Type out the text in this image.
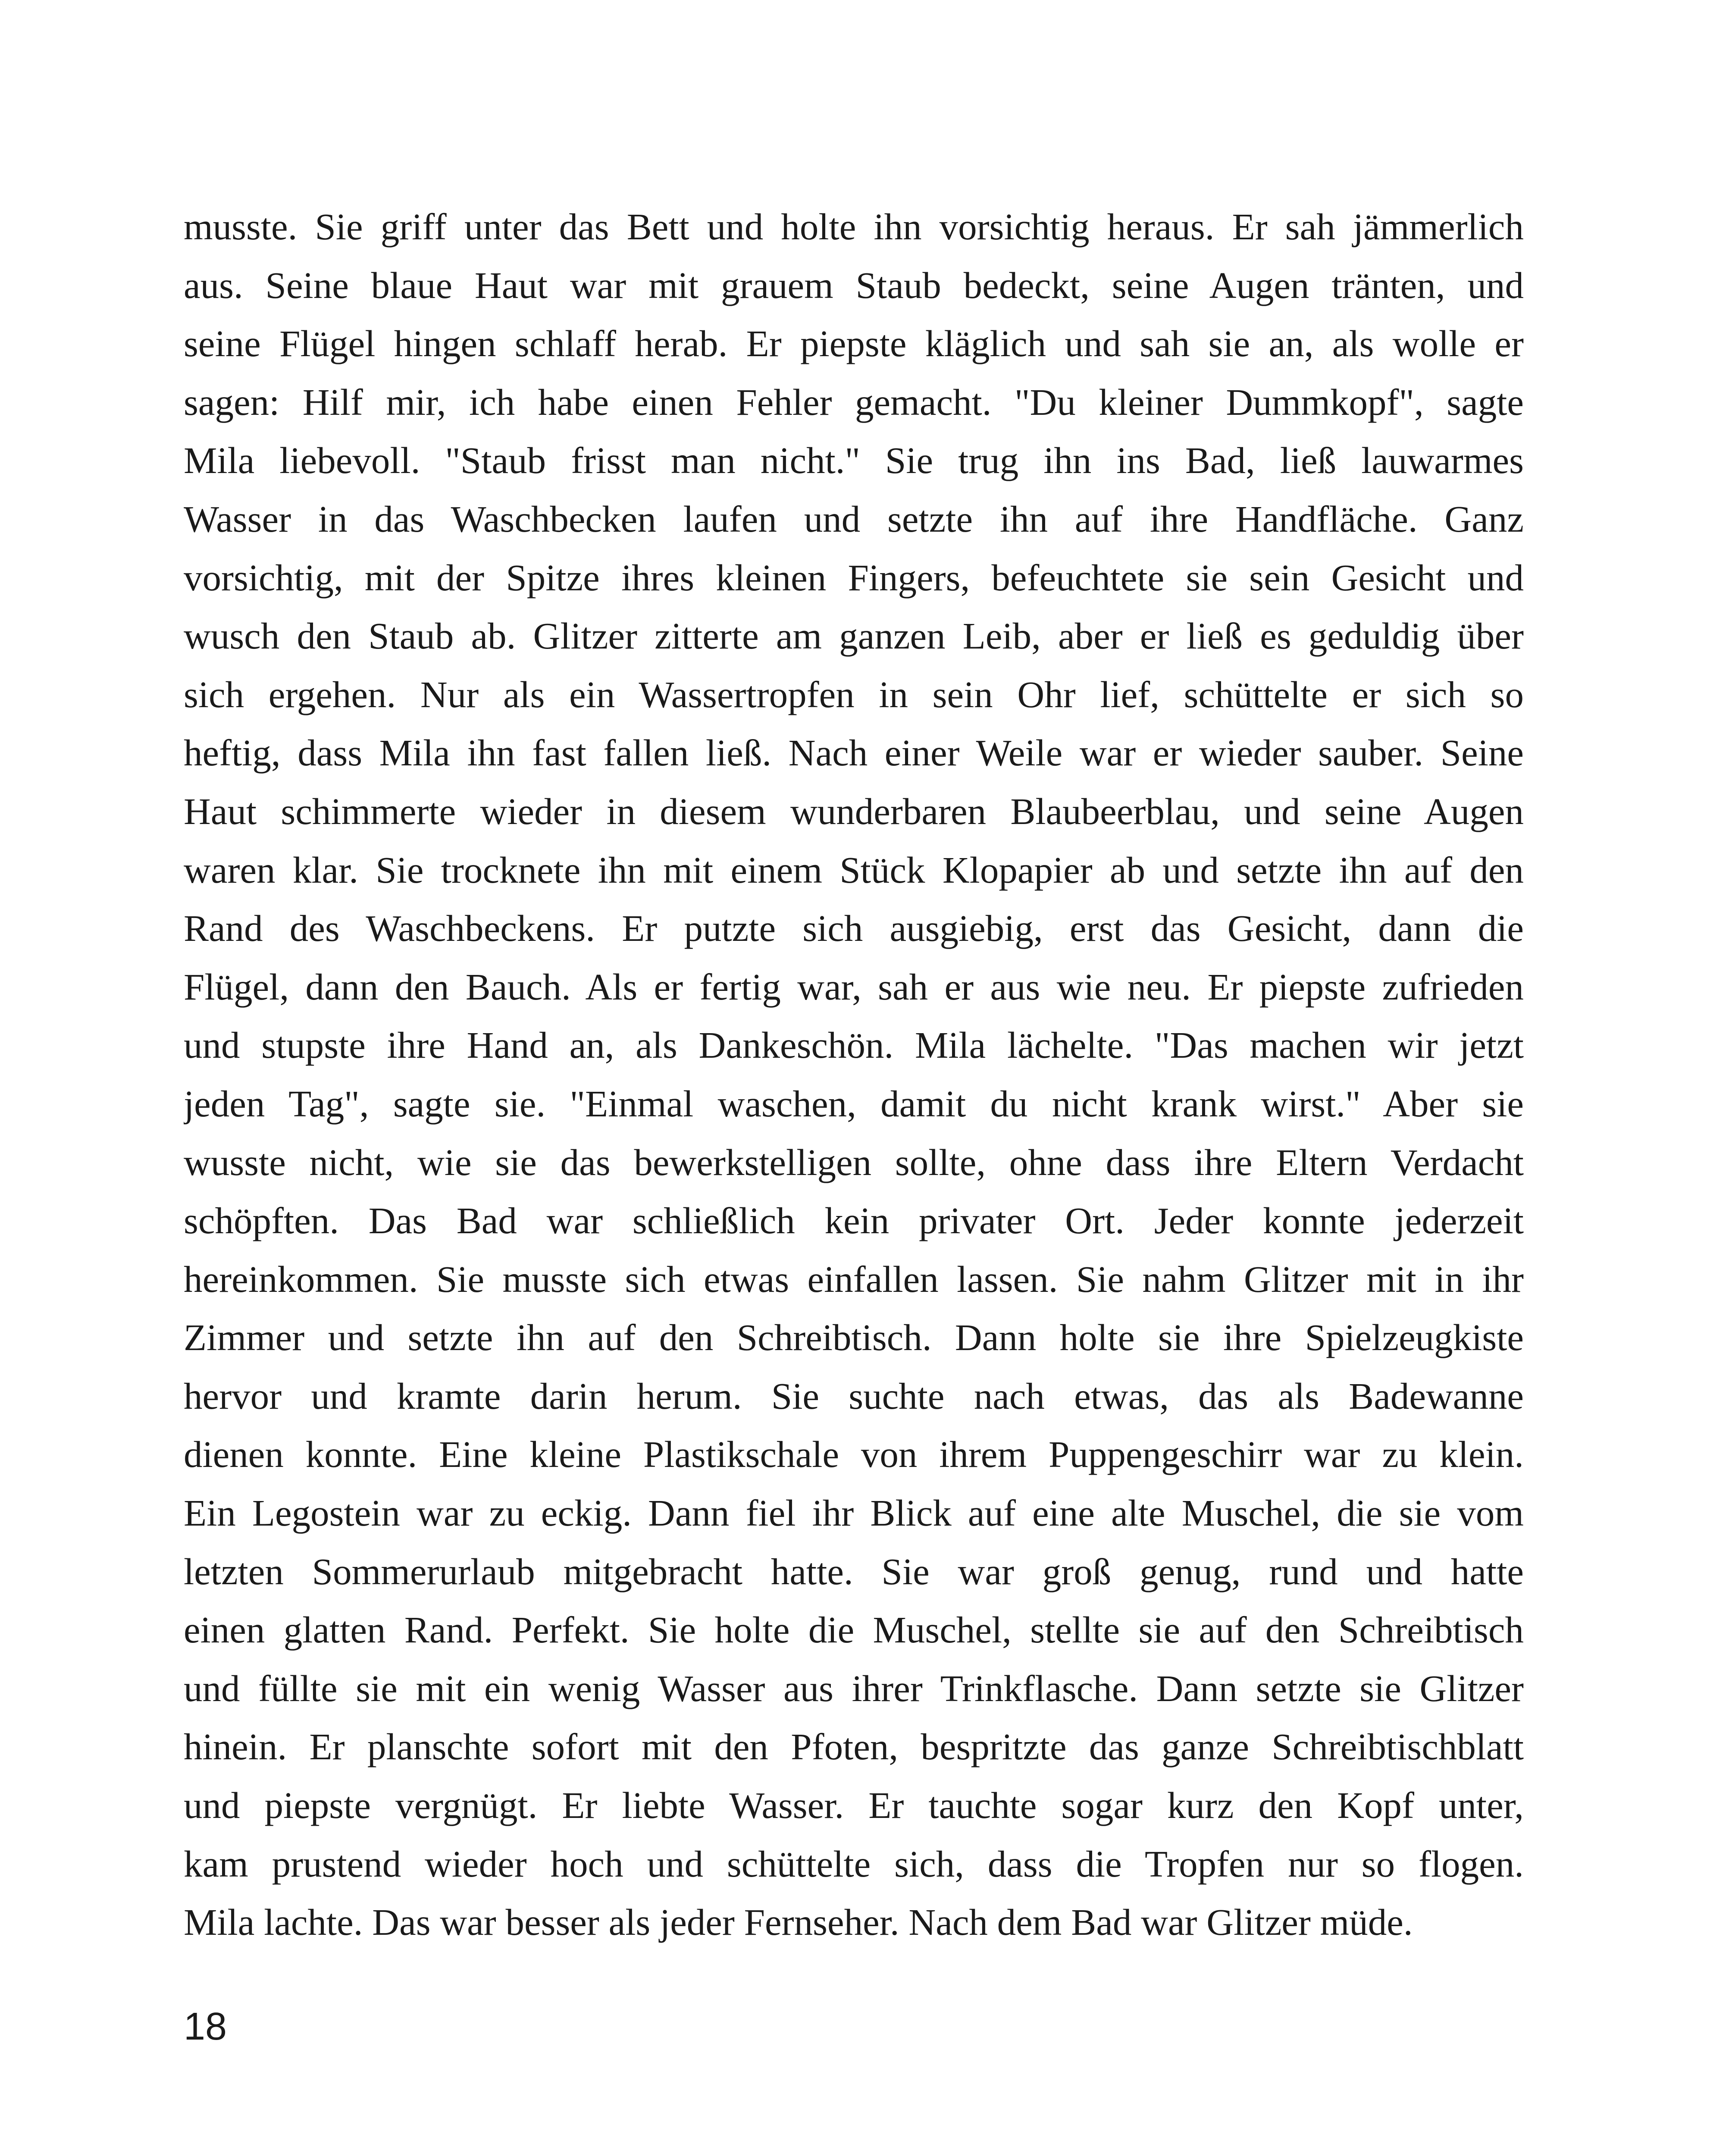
musste. Sie griff unter das Bett und holte ihn vorsichtig heraus. Er sah jämmerlich
aus. Seine blaue Haut war mit grauem Staub bedeckt, seine Augen tränten, und
seine Flügel hingen schlaff herab. Er piepste kläglich und sah sie an, als wolle er
sagen: Hilf mir, ich habe einen Fehler gemacht. "Du kleiner Dummkopf", sagte
Mila liebevoll. "Staub frisst man nicht." Sie trug ihn ins Bad, ließ lauwarmes
Wasser in das Waschbecken laufen und setzte ihn auf ihre Handfläche. Ganz
vorsichtig, mit der Spitze ihres kleinen Fingers, befeuchtete sie sein Gesicht und
wusch den Staub ab. Glitzer zitterte am ganzen Leib, aber er ließ es geduldig über
sich ergehen. Nur als ein Wassertropfen in sein Ohr lief, schüttelte er sich so
heftig, dass Mila ihn fast fallen ließ. Nach einer Weile war er wieder sauber. Seine
Haut schimmerte wieder in diesem wunderbaren Blaubeerblau, und seine Augen
waren klar. Sie trocknete ihn mit einem Stück Klopapier ab und setzte ihn auf den
Rand des Waschbeckens. Er putzte sich ausgiebig, erst das Gesicht, dann die
Flügel, dann den Bauch. Als er fertig war, sah er aus wie neu. Er piepste zufrieden
und stupste ihre Hand an, als Dankeschön. Mila lächelte. "Das machen wir jetzt
jeden Tag", sagte sie. "Einmal waschen, damit du nicht krank wirst." Aber sie
wusste nicht, wie sie das bewerkstelligen sollte, ohne dass ihre Eltern Verdacht
schöpften. Das Bad war schließlich kein privater Ort. Jeder konnte jederzeit
hereinkommen. Sie musste sich etwas einfallen lassen. Sie nahm Glitzer mit in ihr
Zimmer und setzte ihn auf den Schreibtisch. Dann holte sie ihre Spielzeugkiste
hervor und kramte darin herum. Sie suchte nach etwas, das als Badewanne
dienen konnte. Eine kleine Plastikschale von ihrem Puppengeschirr war zu klein.
Ein Legostein war zu eckig. Dann fiel ihr Blick auf eine alte Muschel, die sie vom
letzten Sommerurlaub mitgebracht hatte. Sie war groß genug, rund und hatte
einen glatten Rand. Perfekt. Sie holte die Muschel, stellte sie auf den Schreibtisch
und füllte sie mit ein wenig Wasser aus ihrer Trinkflasche. Dann setzte sie Glitzer
hinein. Er planschte sofort mit den Pfoten, bespritzte das ganze Schreibtischblatt
und piepste vergnügt. Er liebte Wasser. Er tauchte sogar kurz den Kopf unter,
kam prustend wieder hoch und schüttelte sich, dass die Tropfen nur so flogen.
Mila lachte. Das war besser als jeder Fernseher. Nach dem Bad war Glitzer müde.
18
